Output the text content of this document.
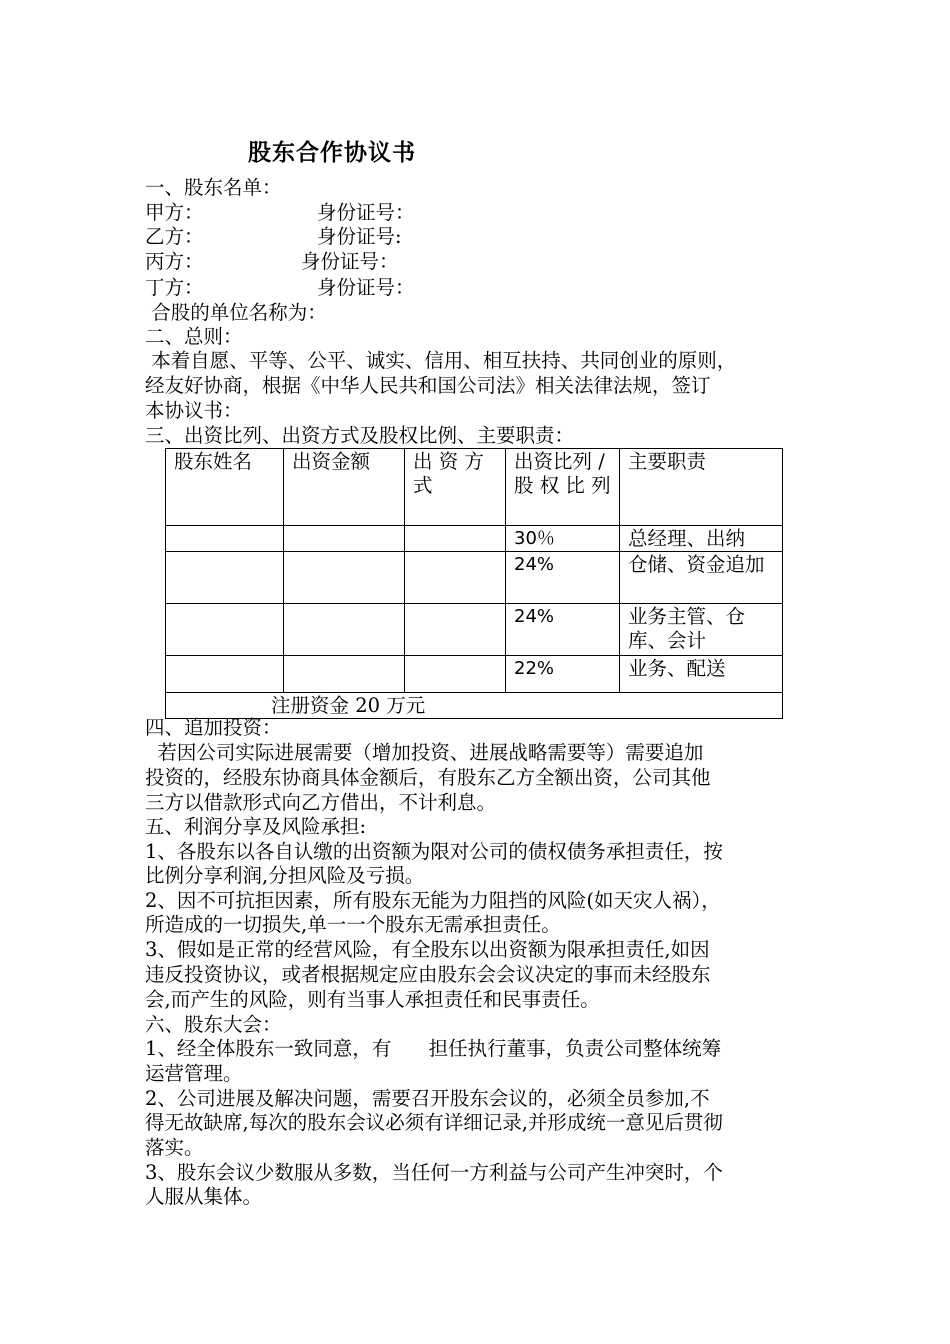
股东合作协议书
一、股东名单：
甲方：	身份证号：
乙方：	身份证号:
丙方：	身份证号：
丁方：	身份证号：
合股的单位名称为：
二、总则：
本着自愿、平等、公平、诚实、信用、相互扶持、共同创业的原则，
经友好协商，根据《中华人民共和国公司法》相关法律法规，签订
本协议书：
三、出资比列、出资方式及股权比例、主要职责：
股东姓名	出资金额	出 资 方 式	出资比列 /股 权 比 列	主要职责
			30％	总经理、出纳
			24%	仓储、资金追加
			24%	业务主管、仓库、会计
			22%	业务、配送
注册资金 20 万元				
四、追加投资：
若因公司实际进展需要（增加投资、进展战略需要等）需要追加
投资的，经股东协商具体金额后，有股东乙方全额出资，公司其他
三方以借款形式向乙方借出，不计利息。
五、利润分享及风险承担:
1、各股东以各自认缴的出资额为限对公司的债权债务承担责任，按
比例分享利润,分担风险及亏损。
2、因不可抗拒因素，所有股东无能为力阻挡的风险(如天灾人祸），
所造成的一切损失,单一一个股东无需承担责任。
3、假如是正常的经营风险，有全股东以出资额为限承担责任,如因
违反投资协议，或者根据规定应由股东会会议决定的事而未经股东
会,而产生的风险，则有当事人承担责任和民事责任。
六、股东大会：
1、经全体股东一致同意，有      担任执行董事，负责公司整体统筹
运营管理。
2、公司进展及解决问题，需要召开股东会议的，必须全员参加,不
得无故缺席,每次的股东会议必须有详细记录,并形成统一意见后贯彻
落实。
3、股东会议少数服从多数，当任何一方利益与公司产生冲突时，个
人服从集体。
